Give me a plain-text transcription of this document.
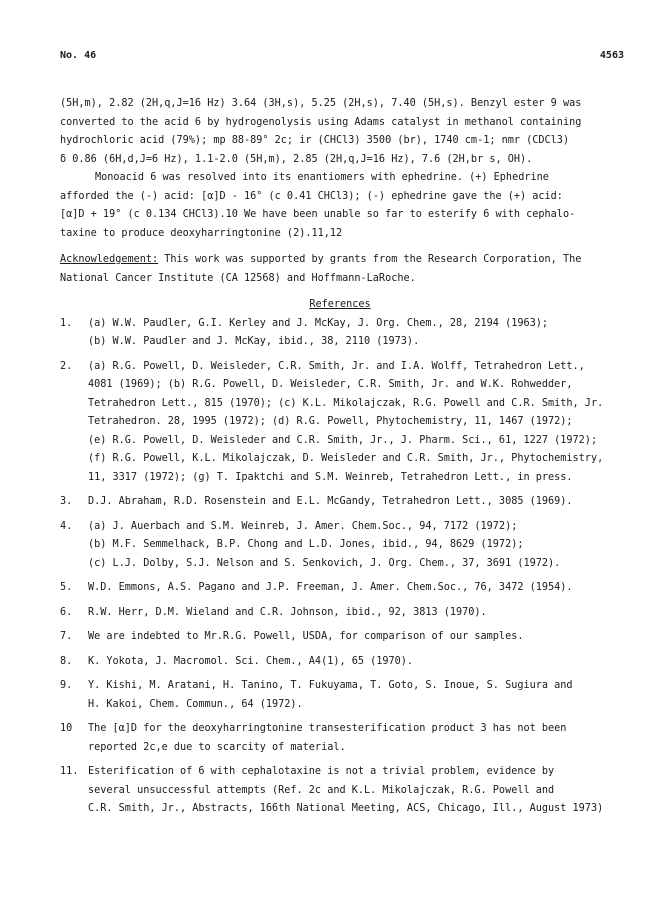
No. 46	4563
(5H,m), 2.82 (2H,q,J=16 Hz) 3.64 (3H,s), 5.25 (2H,s), 7.40 (5H,s). Benzyl ester 9 was
converted to the acid 6 by hydrogenolysis using Adams catalyst in methanol containing
hydrochloric acid (79%); mp 88-89° 2c; ir (CHCl3) 3500 (br), 1740 cm-1; nmr (CDCl3)
δ 0.86 (6H,d,J=6 Hz), 1.1-2.0 (5H,m), 2.85 (2H,q,J=16 Hz), 7.6 (2H,br s, OH).
Monoacid 6 was resolved into its enantiomers with ephedrine. (+) Ephedrine
afforded the (-) acid: [α]D - 16° (c 0.41 CHCl3); (-) ephedrine gave the (+) acid:
[α]D + 19° (c 0.134 CHCl3).10 We have been unable so far to esterify 6 with cephalo-
taxine to produce deoxyharringtonine (2).11,12
Acknowledgement: This work was supported by grants from the Research Corporation, The
National Cancer Institute (CA 12568) and Hoffmann-LaRoche.
References
1.	(a) W.W. Paudler, G.I. Kerley and J. McKay, J. Org. Chem., 28, 2194 (1963);
(b) W.W. Paudler and J. McKay, ibid., 38, 2110 (1973).
2.	(a) R.G. Powell, D. Weisleder, C.R. Smith, Jr. and I.A. Wolff, Tetrahedron Lett.,
4081 (1969); (b) R.G. Powell, D. Weisleder, C.R. Smith, Jr. and W.K. Rohwedder,
Tetrahedron Lett., 815 (1970); (c) K.L. Mikolajczak, R.G. Powell and C.R. Smith, Jr.
Tetrahedron. 28, 1995 (1972); (d) R.G. Powell, Phytochemistry, 11, 1467 (1972);
(e) R.G. Powell, D. Weisleder and C.R. Smith, Jr., J. Pharm. Sci., 61, 1227 (1972);
(f) R.G. Powell, K.L. Mikolajczak, D. Weisleder and C.R. Smith, Jr., Phytochemistry,
11, 3317 (1972); (g) T. Ipaktchi and S.M. Weinreb, Tetrahedron Lett., in press.
3.	D.J. Abraham, R.D. Rosenstein and E.L. McGandy, Tetrahedron Lett., 3085 (1969).
4.	(a) J. Auerbach and S.M. Weinreb, J. Amer. Chem.Soc., 94, 7172 (1972);
(b) M.F. Semmelhack, B.P. Chong and L.D. Jones, ibid., 94, 8629 (1972);
(c) L.J. Dolby, S.J. Nelson and S. Senkovich, J. Org. Chem., 37, 3691 (1972).
5.	W.D. Emmons, A.S. Pagano and J.P. Freeman, J. Amer. Chem.Soc., 76, 3472 (1954).
6.	R.W. Herr, D.M. Wieland and C.R. Johnson, ibid., 92, 3813 (1970).
7.	We are indebted to Mr.R.G. Powell, USDA, for comparison of our samples.
8.	K. Yokota, J. Macromol. Sci. Chem., A4(1), 65 (1970).
9.	Y. Kishi, M. Aratani, H. Tanino, T. Fukuyama, T. Goto, S. Inoue, S. Sugiura and
H. Kakoi, Chem. Commun., 64 (1972).
10	The [α]D for the deoxyharringtonine transesterification product 3 has not been
reported 2c,e due to scarcity of material.
11. Esterification of 6 with cephalotaxine is not a trivial problem, evidence by
several unsuccessful attempts (Ref. 2c and K.L. Mikolajczak, R.G. Powell and
C.R. Smith, Jr., Abstracts, 166th National Meeting, ACS, Chicago, Ill., August 1973)
